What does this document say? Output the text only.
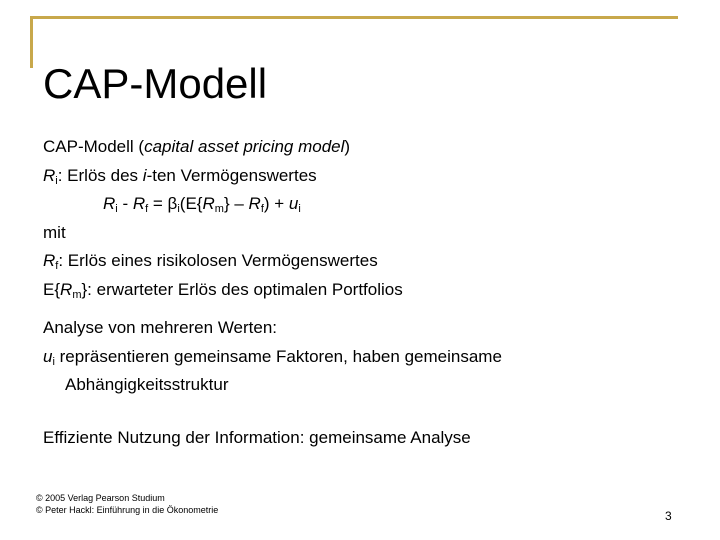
CAP-Modell
CAP-Modell (capital asset pricing model)
$R_i$: Erlös des i-ten Vermögenswertes
$R_i - R_f = \beta_i(E\{R_m\} - R_f) + u_i$
mit
$R_f$: Erlös eines risikolosen Vermögenswertes
$E\{R_m\}$: erwarteter Erlös des optimalen Portfolios
Analyse von mehreren Werten:
$u_i$ repräsentieren gemeinsame Faktoren, haben gemeinsame
Abhängigkeitsstruktur
Effiziente Nutzung der Information: gemeinsame Analyse
© 2005 Verlag Pearson Studium
© Peter Hackl: Einführung in die Ökonometrie	3
